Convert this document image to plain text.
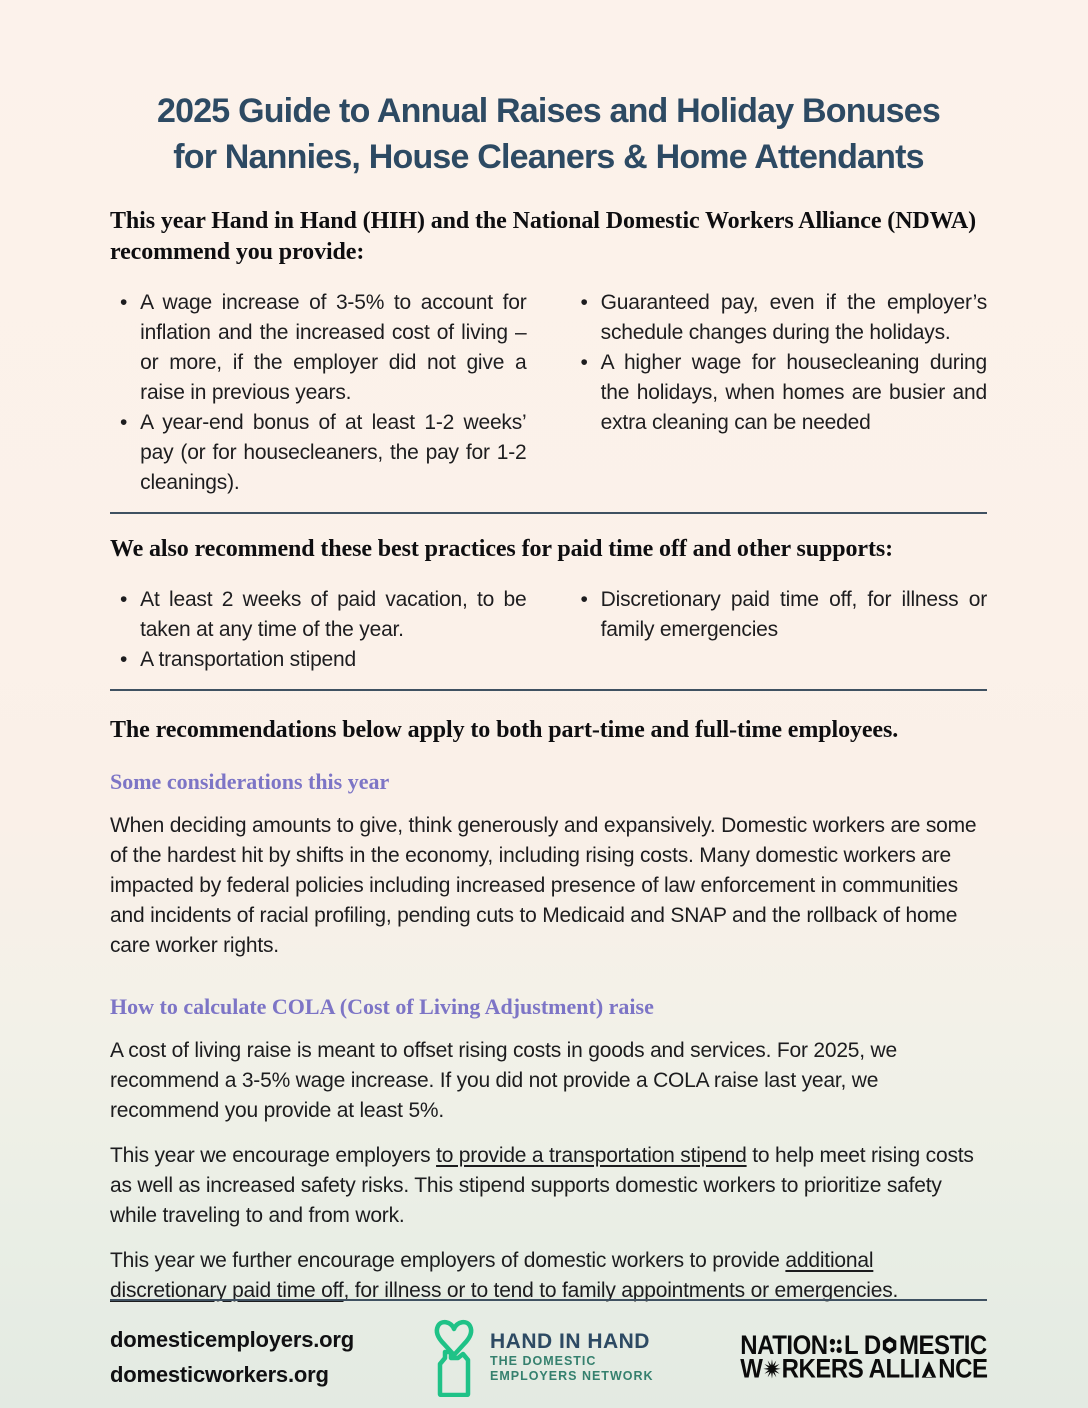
2025 Guide to Annual Raises and Holiday Bonuses
for Nannies, House Cleaners & Home Attendants
This year Hand in Hand (HIH) and the National Domestic Workers Alliance (NDWA) recommend you provide:
• A wage increase of 3-5% to account for inflation and the increased cost of living – or more, if the employer did not give a raise in previous years.
• A year-end bonus of at least 1-2 weeks’ pay (or for housecleaners, the pay for 1-2 cleanings).
• Guaranteed pay, even if the employer’s schedule changes during the holidays.
• A higher wage for housecleaning during the holidays, when homes are busier and extra cleaning can be needed
We also recommend these best practices for paid time off and other supports:
• At least 2 weeks of paid vacation, to be taken at any time of the year.
• A transportation stipend
• Discretionary paid time off, for illness or family emergencies
The recommendations below apply to both part-time and full-time employees.
Some considerations this year

When deciding amounts to give, think generously and expansively. Domestic workers are some of the hardest hit by shifts in the economy, including rising costs. Many domestic workers are impacted by federal policies including increased presence of law enforcement in communities and incidents of racial profiling, pending cuts to Medicaid and SNAP and the rollback of home care worker rights.

How to calculate COLA (Cost of Living Adjustment) raise

A cost of living raise is meant to offset rising costs in goods and services. For 2025, we recommend a 3-5% wage increase. If you did not provide a COLA raise last year, we recommend you provide at least 5%.

This year we encourage employers to provide a transportation stipend to help meet rising costs as well as increased safety risks. This stipend supports domestic workers to prioritize safety while traveling to and from work.

This year we further encourage employers of domestic workers to provide additional discretionary paid time off, for illness or to tend to family appointments or emergencies.

domesticemployers.org
domesticworkers.org
HAND IN HAND
THE DOMESTIC
EMPLOYERS NETWORK
NATION L D MESTIC
W RKERS ALLI NCE
